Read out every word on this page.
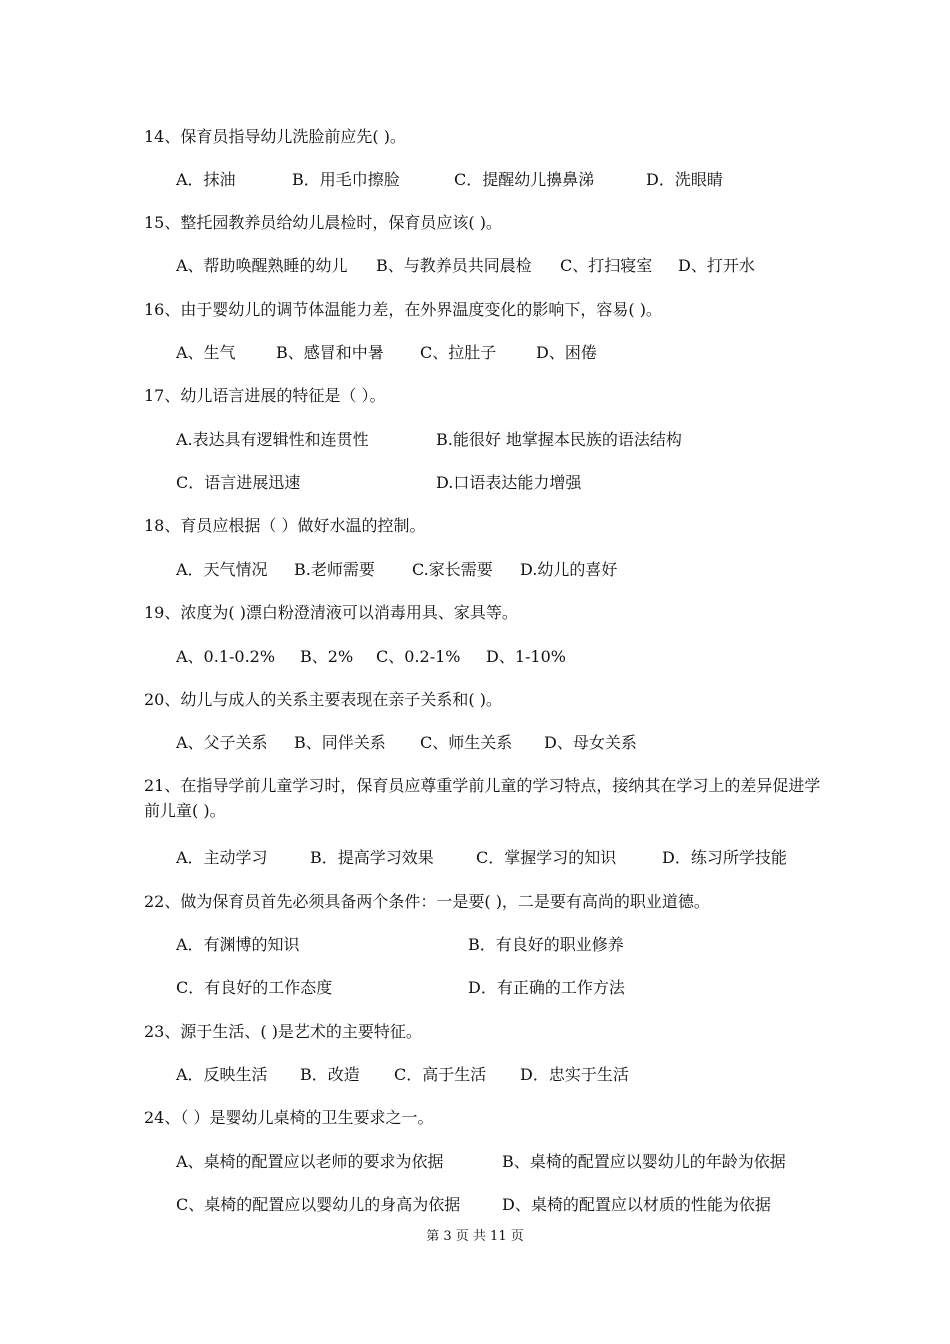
14、保育员指导幼儿洗脸前应先( )。
A．抹油	B．用毛巾擦脸	C．提醒幼儿擤鼻涕	D．洗眼睛
15、整托园教养员给幼儿晨检时，保育员应该( )。
A、帮助唤醒熟睡的幼儿 B、与教养员共同晨检 C、打扫寝室 D、打开水
16、由于婴幼儿的调节体温能力差，在外界温度变化的影响下，容易( )。
A、生气	B、感冒和中暑 C、拉肚子 D、困倦
17、幼儿语言进展的特征是（ ）。
A.表达具有逻辑性和连贯性	B.能很好 地掌握本民族的语法结构
C．语言进展迅速	D.口语表达能力增强
18、育员应根据（ ）做好水温的控制。
A．天气情况 B.老师需要 C.家长需要 D.幼儿的喜好
19、浓度为( )漂白粉澄清液可以消毒用具、家具等。
A、0.1-0.2% B、2% C、0.2-1% D、1-10%
20、幼儿与成人的关系主要表现在亲子关系和( )。
A、父子关系 B、同伴关系 C、师生关系 D、母女关系
21、在指导学前儿童学习时，保育员应尊重学前儿童的学习特点，接纳其在学习上的差异促进学前儿童( )。
A．主动学习	B．提高学习效果	C．掌握学习的知识	D．练习所学技能
22、做为保育员首先必须具备两个条件：一是要( )，二是要有高尚的职业道德。
A．有渊博的知识	B．有良好的职业修养
C．有良好的工作态度	D．有正确的工作方法
23、源于生活、( )是艺术的主要特征。
A．反映生活 B．改造 C．高于生活 D．忠实于生活
24、（ ）是婴幼儿桌椅的卫生要求之一。
A、桌椅的配置应以老师的要求为依据	B、桌椅的配置应以婴幼儿的年龄为依据
C、桌椅的配置应以婴幼儿的身高为依据	D、桌椅的配置应以材质的性能为依据
第 3 页 共 11 页
